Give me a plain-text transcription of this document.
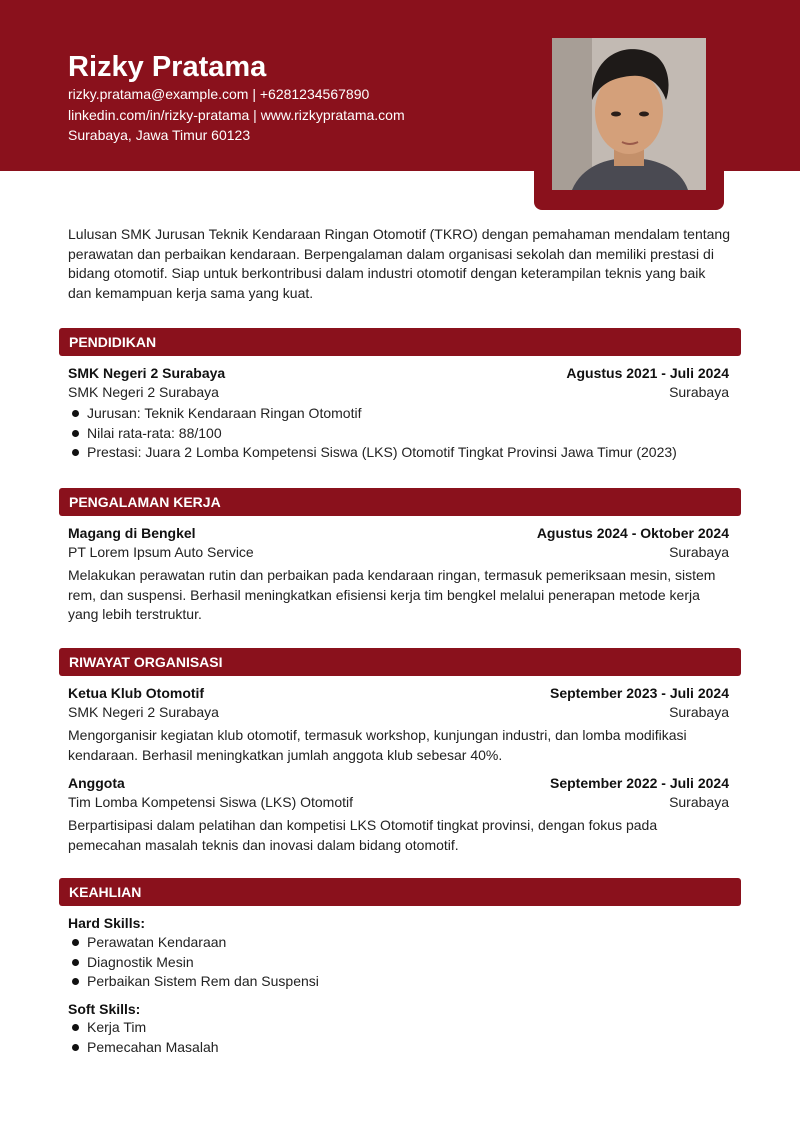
Rizky Pratama
rizky.pratama@example.com | +6281234567890
linkedin.com/in/rizky-pratama | www.rizkypratama.com
Surabaya, Jawa Timur 60123

Lulusan SMK Jurusan Teknik Kendaraan Ringan Otomotif (TKRO) dengan pemahaman mendalam tentang perawatan dan perbaikan kendaraan. Berpengalaman dalam organisasi sekolah dan memiliki prestasi di bidang otomotif. Siap untuk berkontribusi dalam industri otomotif dengan keterampilan teknis yang baik dan kemampuan kerja sama yang kuat.

PENDIDIKAN
SMK Negeri 2 Surabaya	Agustus 2021 - Juli 2024
SMK Negeri 2 Surabaya	Surabaya
Jurusan: Teknik Kendaraan Ringan Otomotif
Nilai rata-rata: 88/100
Prestasi: Juara 2 Lomba Kompetensi Siswa (LKS) Otomotif Tingkat Provinsi Jawa Timur (2023)
PENGALAMAN KERJA
Magang di Bengkel	Agustus 2024 - Oktober 2024
PT Lorem Ipsum Auto Service	Surabaya

Melakukan perawatan rutin dan perbaikan pada kendaraan ringan, termasuk pemeriksaan mesin, sistem rem, dan suspensi. Berhasil meningkatkan efisiensi kerja tim bengkel melalui penerapan metode kerja yang lebih terstruktur.

RIWAYAT ORGANISASI
Ketua Klub Otomotif	September 2023 - Juli 2024
SMK Negeri 2 Surabaya	Surabaya

Mengorganisir kegiatan klub otomotif, termasuk workshop, kunjungan industri, dan lomba modifikasi kendaraan. Berhasil meningkatkan jumlah anggota klub sebesar 40%.

Anggota	September 2022 - Juli 2024
Tim Lomba Kompetensi Siswa (LKS) Otomotif	Surabaya

Berpartisipasi dalam pelatihan dan kompetisi LKS Otomotif tingkat provinsi, dengan fokus pada pemecahan masalah teknis dan inovasi dalam bidang otomotif.

KEAHLIAN
Hard Skills:
Perawatan Kendaraan
Diagnostik Mesin
Perbaikan Sistem Rem dan Suspensi
Soft Skills:
Kerja Tim
Pemecahan Masalah
